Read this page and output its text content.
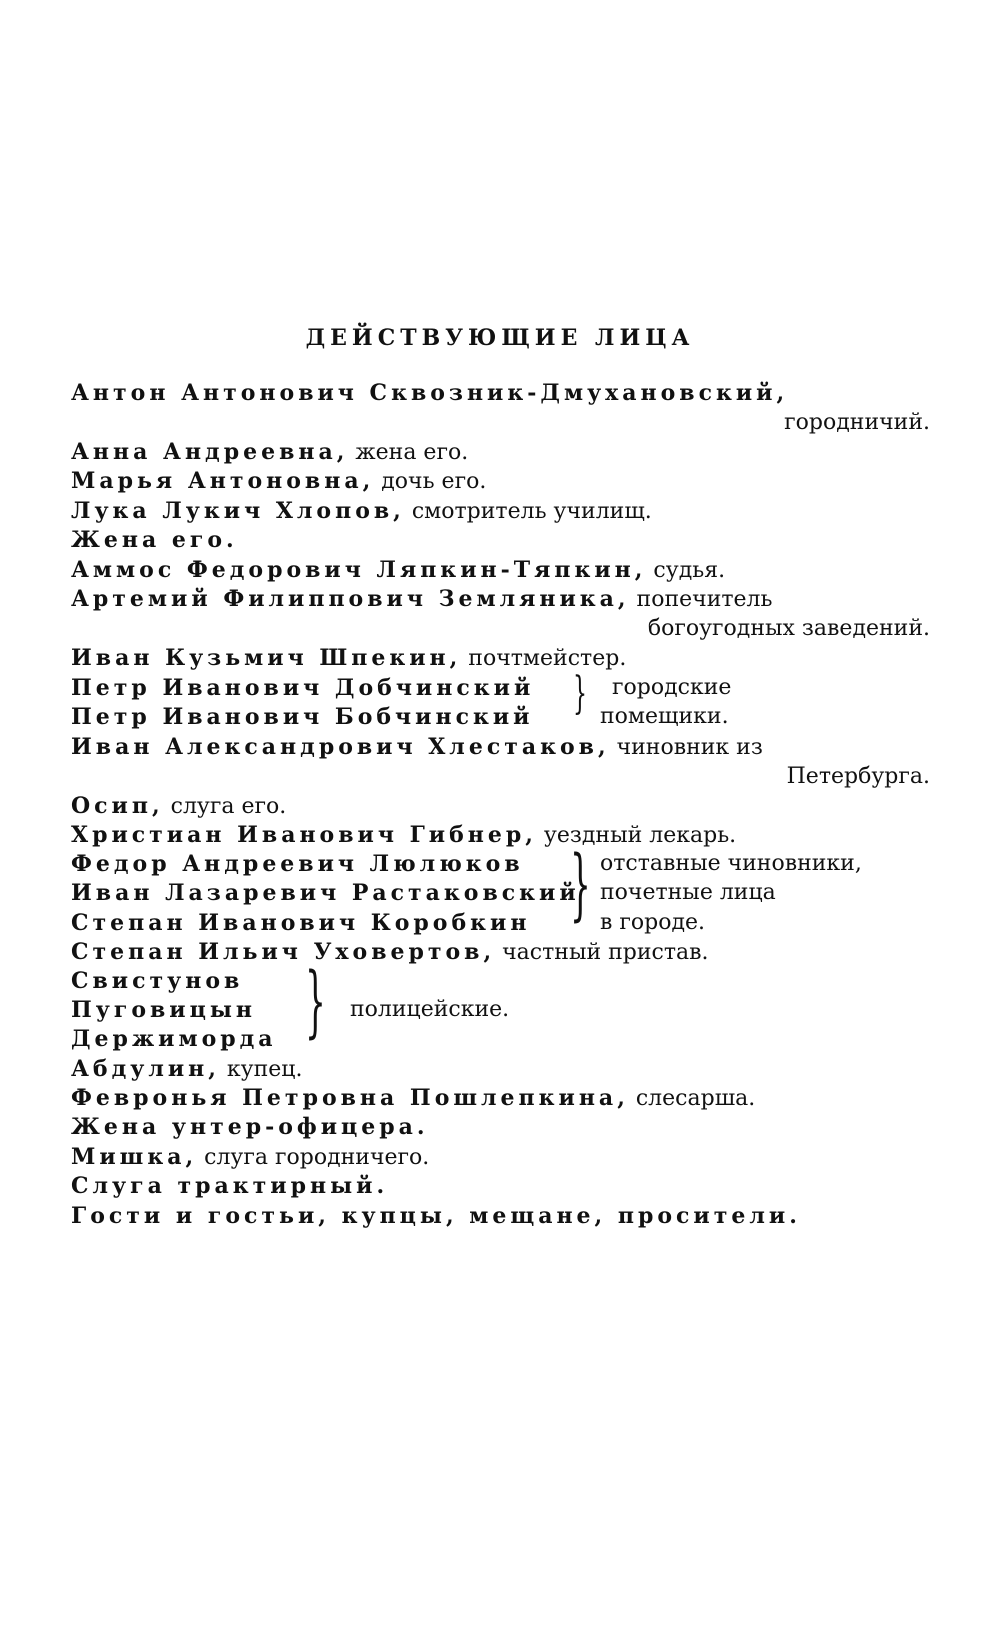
ДЕЙСТВУЮЩИЕ ЛИЦА
Антон Антонович Сквозник-Дмухановский,
городничий.
Анна Андреевна, жена его.
Марья Антоновна, дочь его.
Лука Лукич Хлопов, смотритель училищ.
Жена его.
Аммос Федорович Ляпкин-Тяпкин, судья.
Артемий Филиппович Земляника, попечитель
богоугодных заведений.
Иван Кузьмич Шпекин, почтмейстер.
Петр Иванович Добчинский
Петр Иванович Бобчинский } городские
помещики.
Иван Александрович Хлестаков, чиновник из
Петербурга.
Осип, слуга его.
Христиан Иванович Гибнер, уездный лекарь.
Федор Андреевич Люлюков
Иван Лазаревич Растаковский
Степан Иванович Коробкин } отставные чиновники,
почетные лица
в городе.
Степан Ильич Уховертов, частный пристав.
Свистунов
Пуговицын
Держиморда } полицейские.
Абдулин, купец.
Февронья Петровна Пошлепкина, слесарша.
Жена унтер-офицера.
Мишка, слуга городничего.
Слуга трактирный.
Гости и гостьи, купцы, мещане, просители.
